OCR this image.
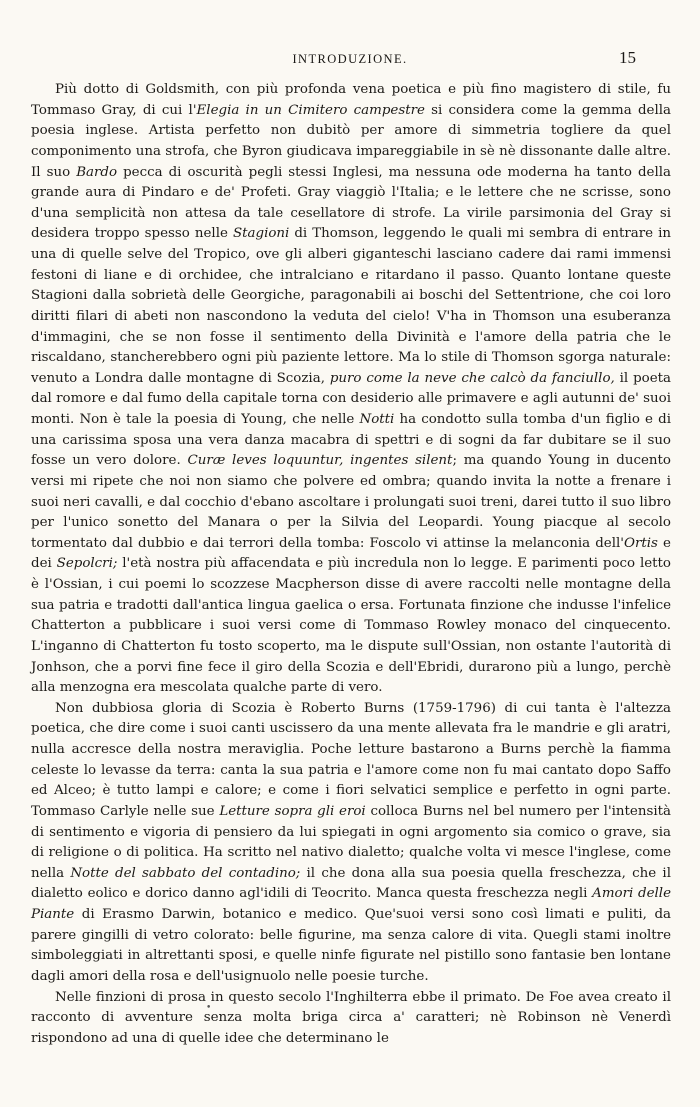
INTRODUZIONE.	15

Più dotto di Goldsmith, con più profonda vena poetica e più fino magistero di stile, fu Tommaso Gray, di cui l'Elegia in un Cimitero campestre si considera come la gemma della poesia inglese. Artista perfetto non dubitò per amore di simmetria togliere da quel componimento una strofa, che Byron giudicava impareggiabile in sè nè dissonante dalle altre. Il suo Bardo pecca di oscurità pegli stessi Inglesi, ma nessuna ode moderna ha tanto della grande aura di Pindaro e de' Profeti. Gray viaggiò l'Italia; e le lettere che ne scrisse, sono d'una semplicità non attesa da tale cesellatore di strofe. La virile parsimonia del Gray si desidera troppo spesso nelle Stagioni di Thomson, leggendo le quali mi sembra di entrare in una di quelle selve del Tropico, ove gli alberi giganteschi lasciano cadere dai rami immensi festoni di liane e di orchidee, che intralciano e ritardano il passo. Quanto lontane queste Stagioni dalla sobrietà delle Georgiche, paragonabili ai boschi del Settentrione, che coi loro diritti filari di abeti non nascondono la veduta del cielo! V'ha in Thomson una esuberanza d'immagini, che se non fosse il sentimento della Divinità e l'amore della patria che le riscaldano, stancherebbero ogni più paziente lettore. Ma lo stile di Thomson sgorga naturale: venuto a Londra dalle montagne di Scozia, puro come la neve che calcò da fanciullo, il poeta dal romore e dal fumo della capitale torna con desiderio alle primavere e agli autunni de' suoi monti. Non è tale la poesia di Young, che nelle Notti ha condotto sulla tomba d'un figlio e di una carissima sposa una vera danza macabra di spettri e di sogni da far dubitare se il suo fosse un vero dolore. Curæ leves loquuntur, ingentes silent; ma quando Young in ducento versi mi ripete che noi non siamo che polvere ed ombra; quando invita la notte a frenare i suoi neri cavalli, e dal cocchio d'ebano ascoltare i prolungati suoi treni, darei tutto il suo libro per l'unico sonetto del Manara o per la Silvia del Leopardi. Young piacque al secolo tormentato dal dubbio e dai terrori della tomba: Foscolo vi attinse la melanconia dell'Ortis e dei Sepolcri; l'età nostra più affacendata e più incredula non lo legge. E parimenti poco letto è l'Ossian, i cui poemi lo scozzese Macpherson disse di avere raccolti nelle montagne della sua patria e tradotti dall'antica lingua gaelica o ersa. Fortunata finzione che indusse l'infelice Chatterton a pubblicare i suoi versi come di Tommaso Rowley monaco del cinquecento. L'inganno di Chatterton fu tosto scoperto, ma le dispute sull'Ossian, non ostante l'autorità di Jonhson, che a porvi fine fece il giro della Scozia e dell'Ebridi, durarono più a lungo, perchè alla menzogna era mescolata qualche parte di vero.

Non dubbiosa gloria di Scozia è Roberto Burns (1759-1796) di cui tanta è l'altezza poetica, che dire come i suoi canti uscissero da una mente allevata fra le mandrie e gli aratri, nulla accresce della nostra meraviglia. Poche letture bastarono a Burns perchè la fiamma celeste lo levasse da terra: canta la sua patria e l'amore come non fu mai cantato dopo Saffo ed Alceo; è tutto lampi e calore; e come i fiori selvatici semplice e perfetto in ogni parte. Tommaso Carlyle nelle sue Letture sopra gli eroi colloca Burns nel bel numero per l'intensità di sentimento e vigoria di pensiero da lui spiegati in ogni argomento sia comico o grave, sia di religione o di politica. Ha scritto nel nativo dialetto; qualche volta vi mesce l'inglese, come nella Notte del sabbato del contadino; il che dona alla sua poesia quella freschezza, che il dialetto eolico e dorico danno agl'idili di Teocrito. Manca questa freschezza negli Amori delle Piante di Erasmo Darwin, botanico e medico. Que'suoi versi sono così limati e puliti, da parere gingilli di vetro colorato: belle figurine, ma senza calore di vita. Quegli stami inoltre simboleggiati in altrettanti sposi, e quelle ninfe figurate nel pistillo sono fantasie ben lontane dagli amori della rosa e dell'usignuolo nelle poesie turche.

Nelle finzioni di prosa in questo secolo l'Inghilterra ebbe il primato. De Foe avea creato il racconto di avventure senza molta briga circa a' caratteri; nè Robinson nè Venerdì rispondono ad una di quelle idee che determinano le

•
